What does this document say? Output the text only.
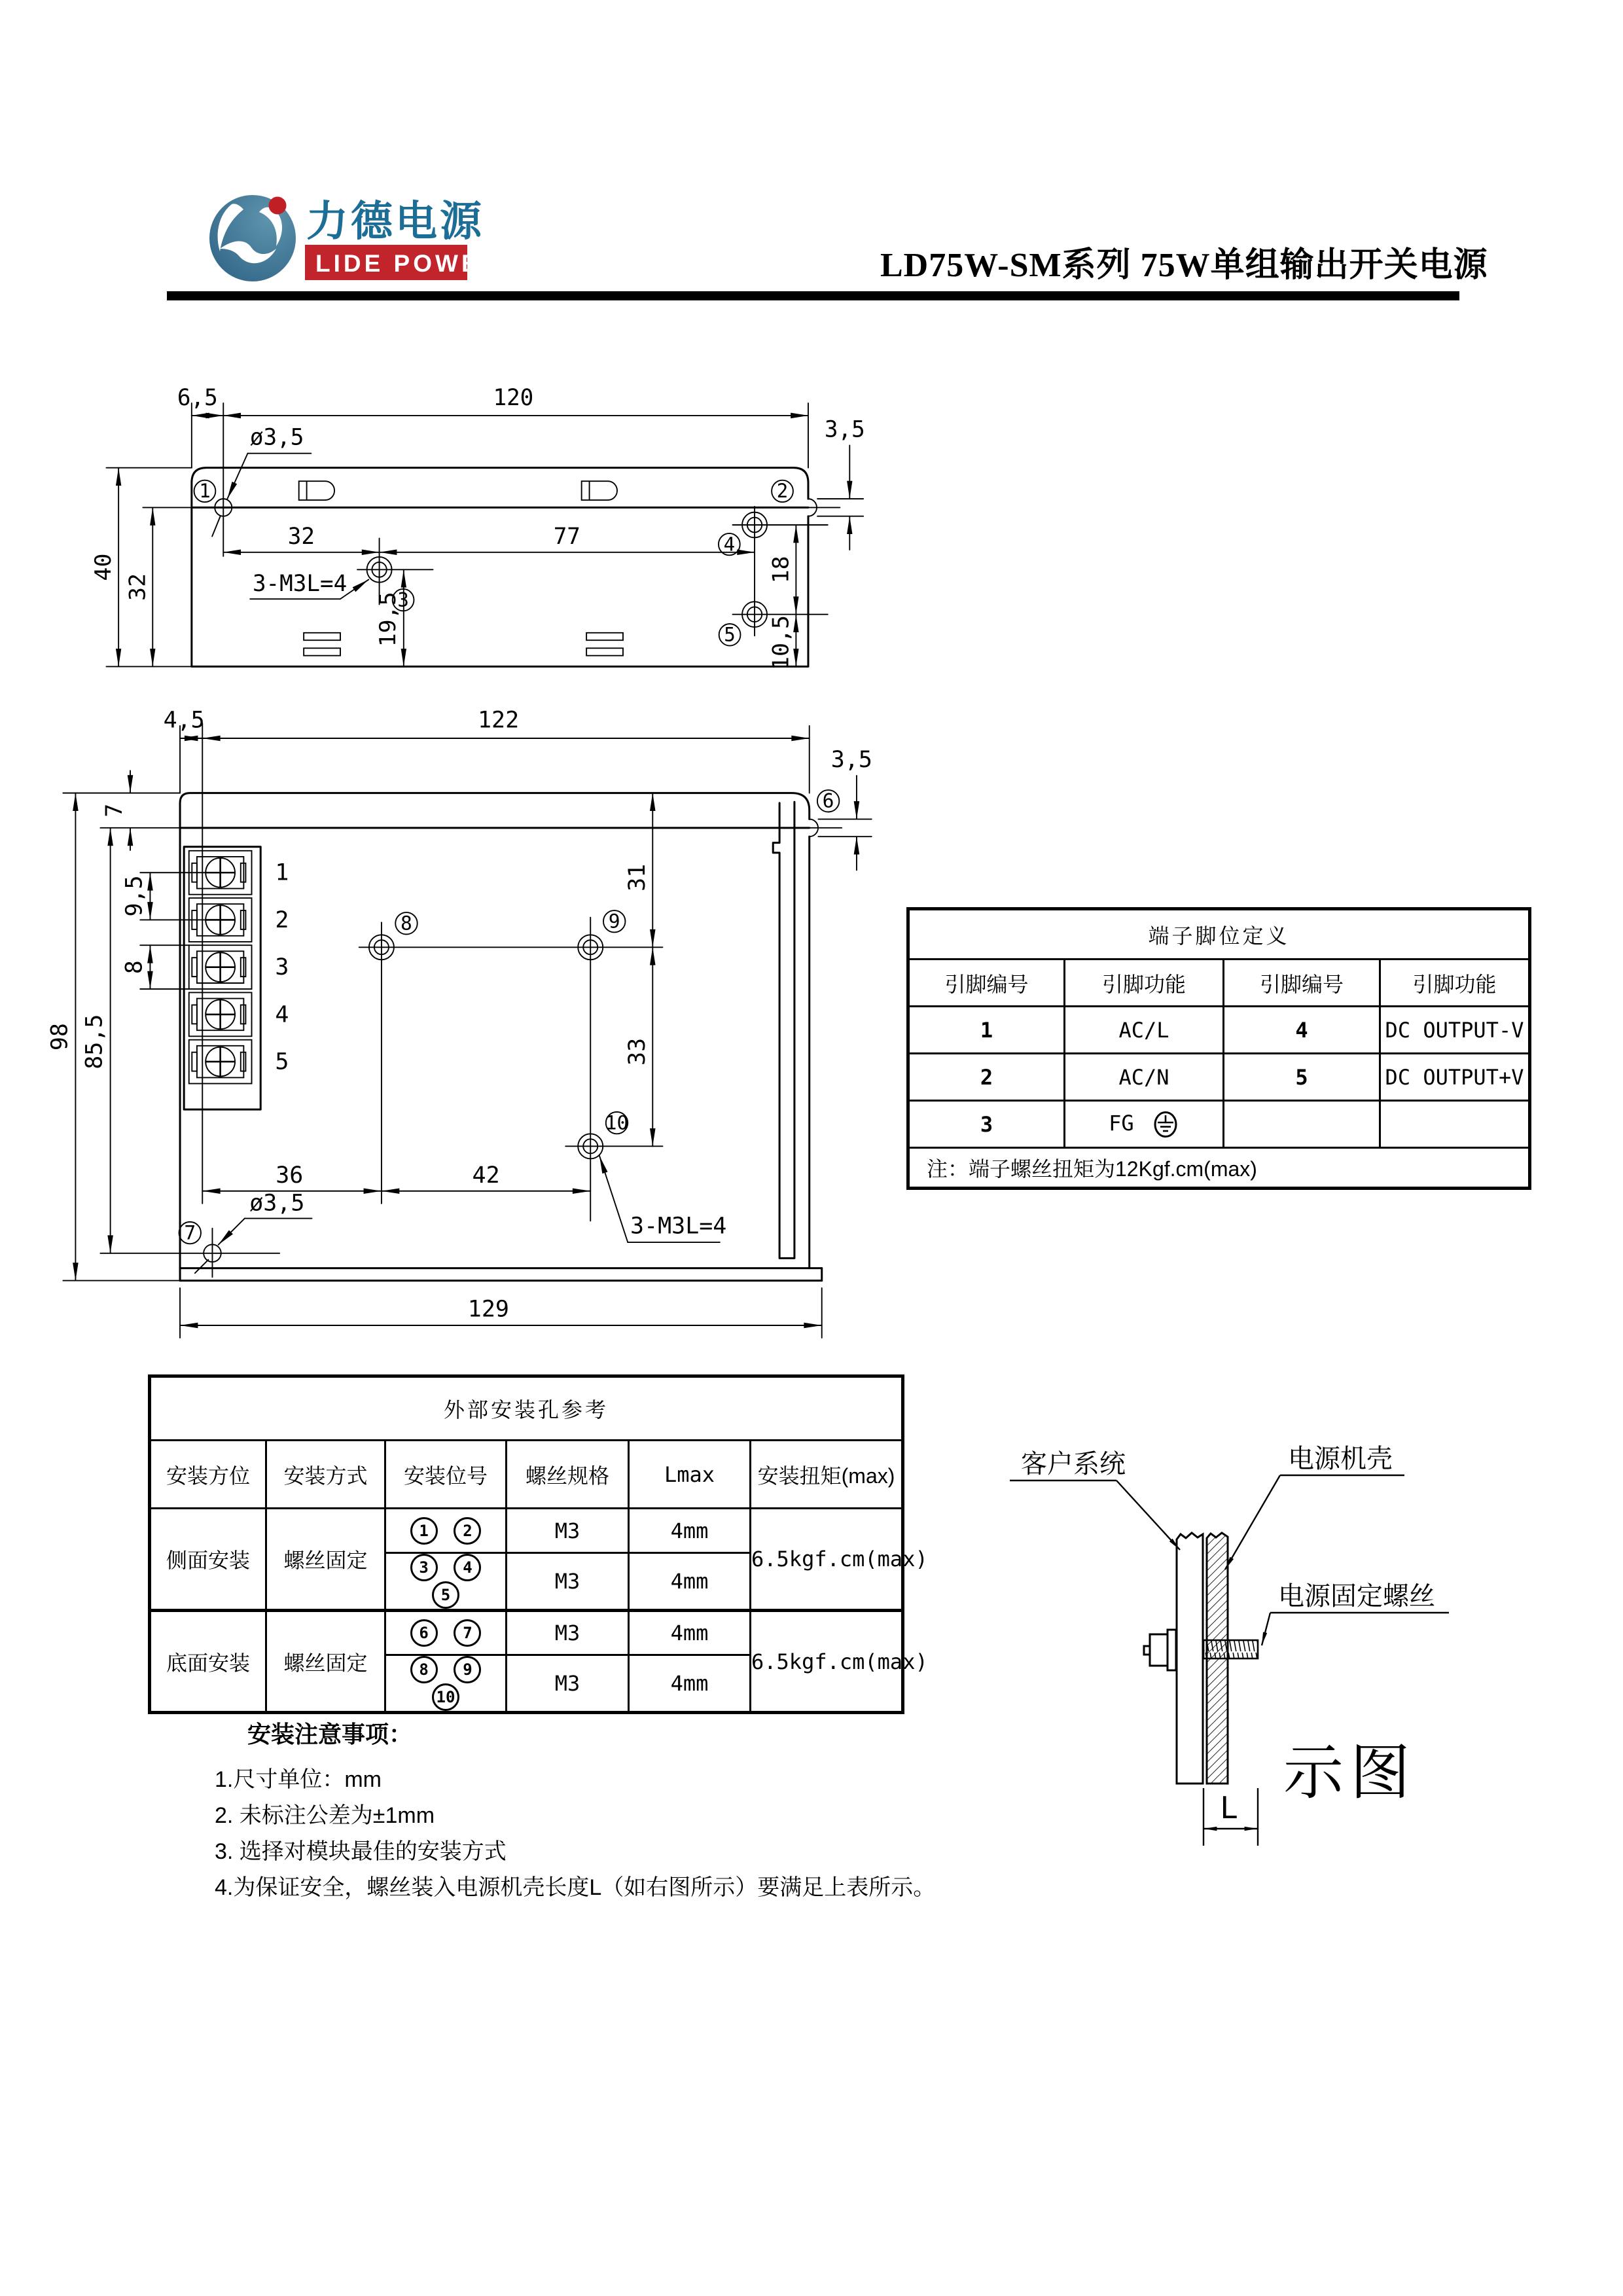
力德电源
LIDE POWER	LD75W-SM系列 75W单组输出开关电源
1	2
3
4
5
6,5	120
ø3,5
40
32
32	77
19,5
18
10,5
3,5
3-M3L=4
1
2
3
4
5
6
7
8	9
10
4,5	122
3,5
7
98	85,5
9,5
8
31
33
36	42
3-M3L=4
ø3,5
129
端子脚位定义			
引脚编号	引脚功能	引脚编号	引脚功能
1	AC/L	4	DC OUTPUT-V
2	AC/N	5	DC OUTPUT+V
3	FG		
注：端子螺丝扭矩为12Kgf.cm(max)			
外部安装孔参考					
安装方位	安装方式	安装位号	螺丝规格	Lmax	安装扭矩(max)
侧面安装	螺丝固定	1 2	M3	4mm	6.5kgf.cm(max)
		3 4 5	M3	4mm	
底面安装	螺丝固定	6 7	M3	4mm	6.5kgf.cm(max)
		8 9 10	M3	4mm	
安装注意事项：
1.尺寸单位：mm
2. 未标注公差为±1mm
3. 选择对模块最佳的安装方式
4.为保证安全，螺丝装入电源机壳长度L（如右图所示）要满足上表所示。
客户系统	电源机壳
电源固定螺丝
L
示图
